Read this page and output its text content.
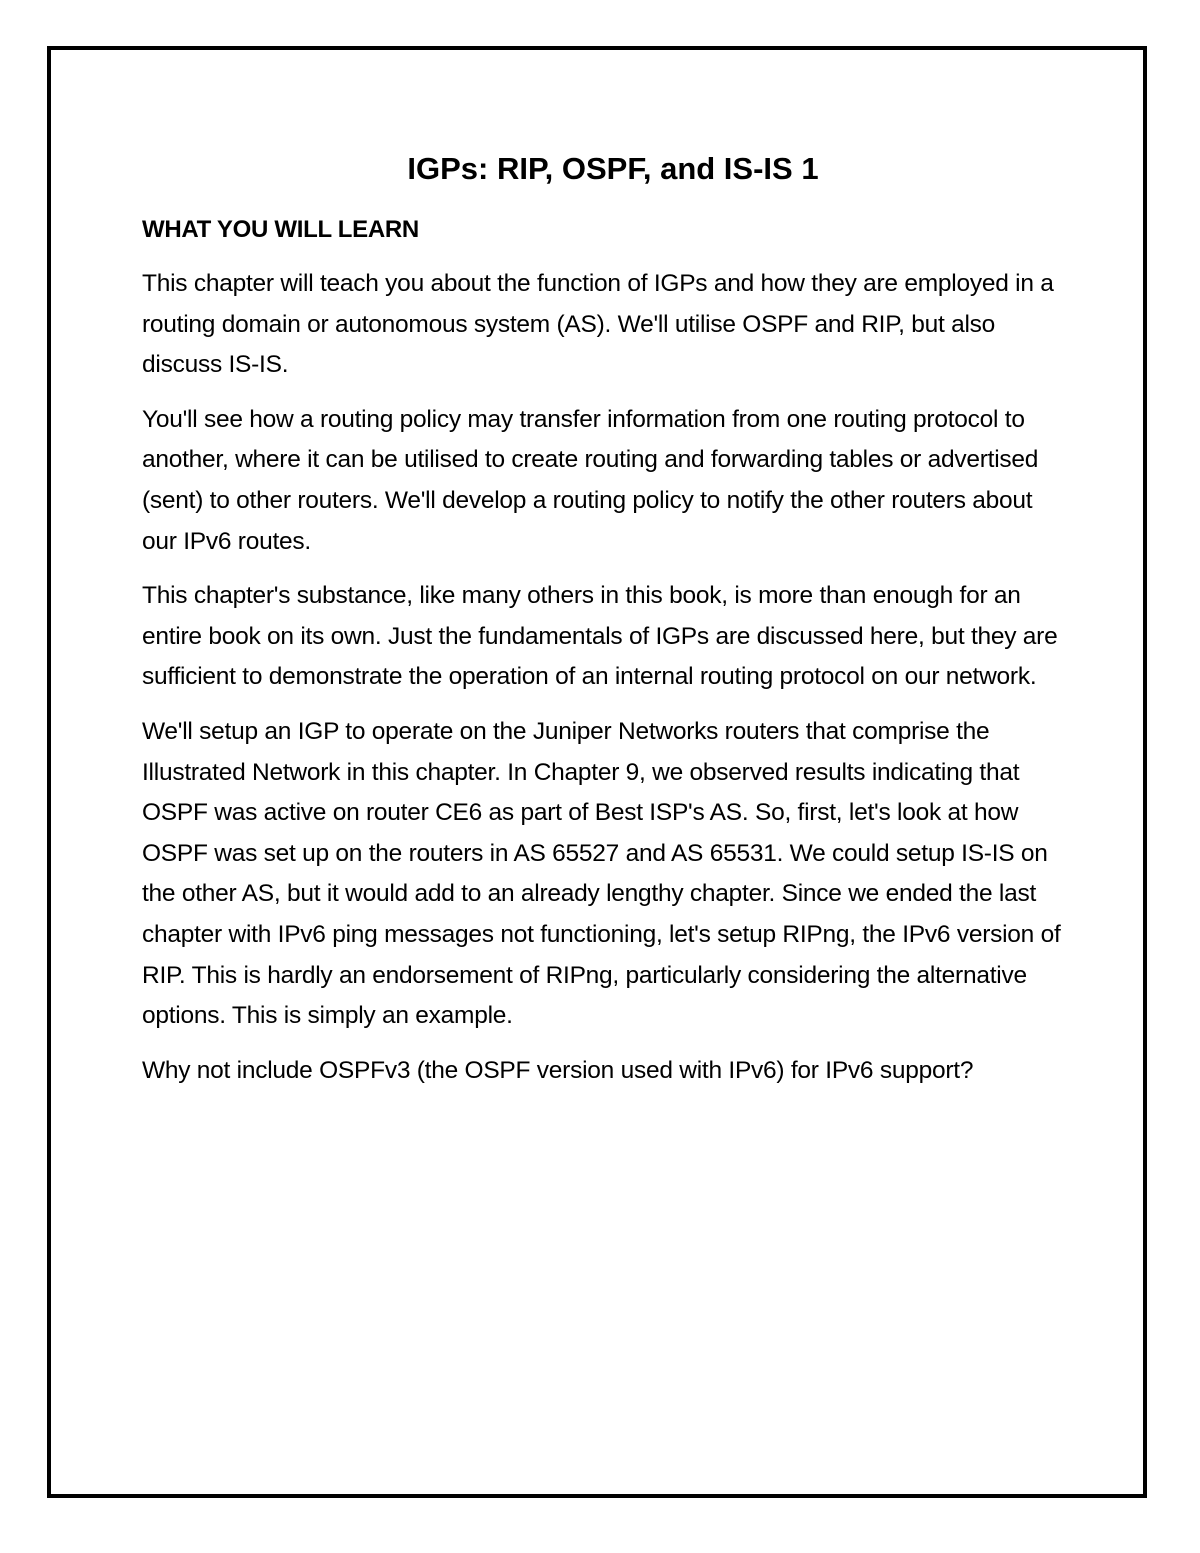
IGPs: RIP, OSPF, and IS-IS 1
WHAT YOU WILL LEARN

This chapter will teach you about the function of IGPs and how they are employed in a routing domain or autonomous system (AS). We'll utilise OSPF and RIP, but also discuss IS-IS.

You'll see how a routing policy may transfer information from one routing protocol to another, where it can be utilised to create routing and forwarding tables or advertised (sent) to other routers. We'll develop a routing policy to notify the other routers about our IPv6 routes.

This chapter's substance, like many others in this book, is more than enough for an entire book on its own. Just the fundamentals of IGPs are discussed here, but they are sufficient to demonstrate the operation of an internal routing protocol on our network.

We'll setup an IGP to operate on the Juniper Networks routers that comprise the Illustrated Network in this chapter. In Chapter 9, we observed results indicating that OSPF was active on router CE6 as part of Best ISP's AS. So, first, let's look at how OSPF was set up on the routers in AS 65527 and AS 65531. We could setup IS-IS on the other AS, but it would add to an already lengthy chapter. Since we ended the last chapter with IPv6 ping messages not functioning, let's setup RIPng, the IPv6 version of RIP. This is hardly an endorsement of RIPng, particularly considering the alternative options. This is simply an example.

Why not include OSPFv3 (the OSPF version used with IPv6) for IPv6 support?
